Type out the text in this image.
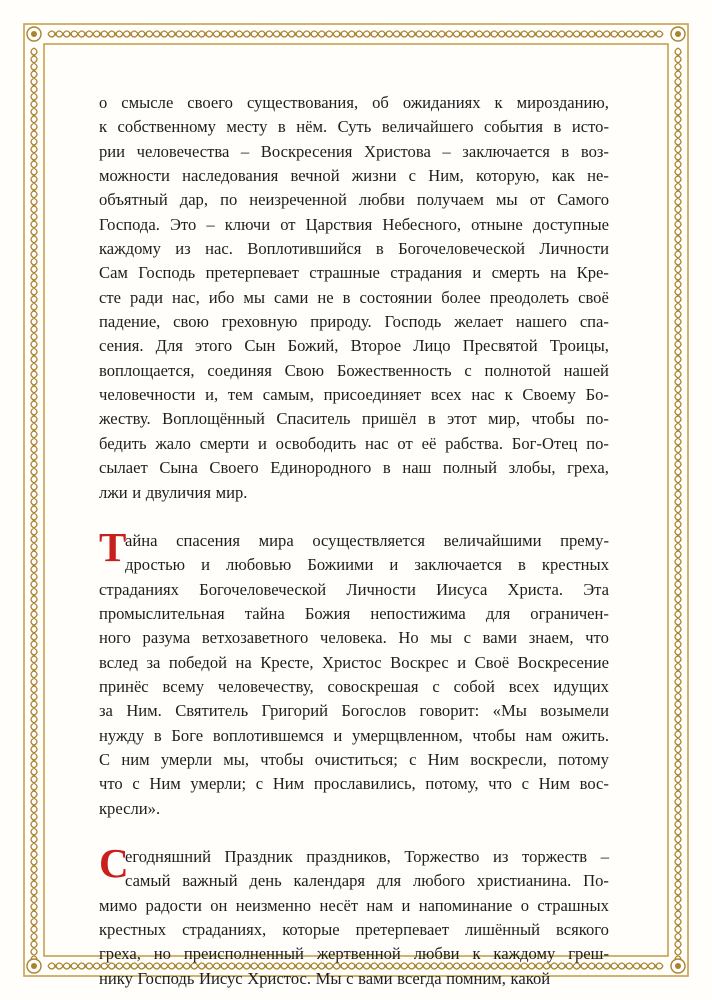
о смысле своего существования, об ожиданиях к мирозданию,
к собственному месту в нём. Суть величайшего события в исто-
рии человечества – Воскресения Христова – заключается в воз-
можности наследования вечной жизни с Ним, которую, как не-
объятный дар, по неизреченной любви получаем мы от Самого
Господа. Это – ключи от Царствия Небесного, отныне доступные
каждому из нас. Воплотившийся в Богочеловеческой Личности
Сам Господь претерпевает страшные страдания и смерть на Кре-
сте ради нас, ибо мы сами не в состоянии более преодолеть своё
падение, свою греховную природу. Господь желает нашего спа-
сения. Для этого Сын Божий, Второе Лицо Пресвятой Троицы,
воплощается, соединяя Свою Божественность с полнотой нашей
человечности и, тем самым, присоединяет всех нас к Своему Бо-
жеству. Воплощённый Спаситель пришёл в этот мир, чтобы по-
бедить жало смерти и освободить нас от её рабства. Бог-Отец по-
сылает Сына Своего Единородного в наш полный злобы, греха,
лжи и двуличия мир.
Т
айна спасения мира осуществляется величайшими прему-
дростью и любовью Божиими и заключается в крестных
страданиях Богочеловеческой Личности Иисуса Христа. Эта
промыслительная тайна Божия непостижима для ограничен-
ного разума ветхозаветного человека. Но мы с вами знаем, что
вслед за победой на Кресте, Христос Воскрес и Своё Воскресение
принёс всему человечеству, совоскрешая с собой всех идущих
за Ним. Святитель Григорий Богослов говорит: «Мы возымели
нужду в Боге воплотившемся и умерщвленном, чтобы нам ожить.
С ним умерли мы, чтобы очиститься; с Ним воскресли, потому
что с Ним умерли; с Ним прославились, потому, что с Ним вос-
кресли».
С
егодняшний Праздник праздников, Торжество из торжеств –
самый важный день календаря для любого христианина. По-
мимо радости он неизменно несёт нам и напоминание о страшных
крестных страданиях, которые претерпевает лишённый всякого
греха, но преисполненный жертвенной любви к каждому греш-
нику Господь Иисус Христос. Мы с вами всегда помним, какой
